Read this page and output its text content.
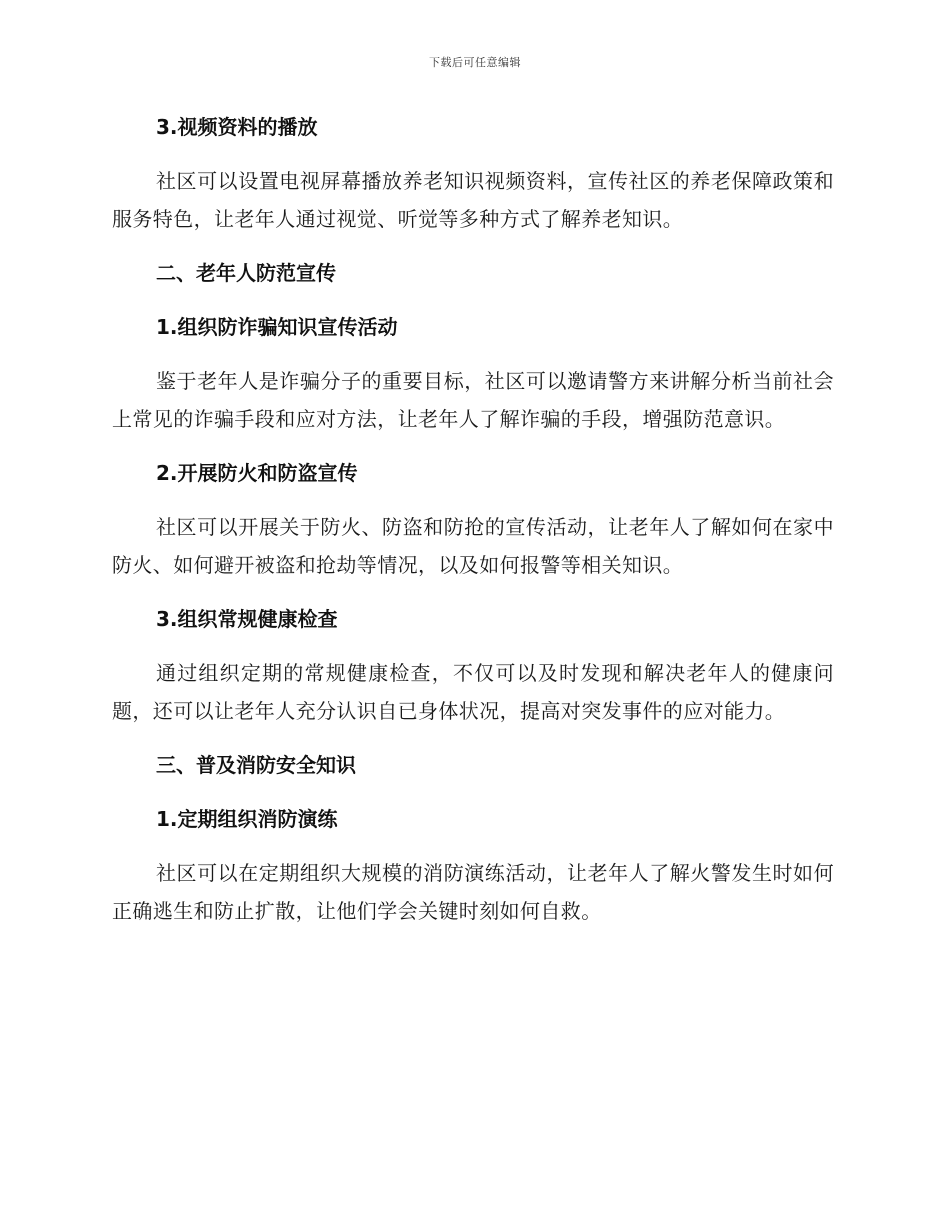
下载后可任意编辑
3.视频资料的播放
社区可以设置电视屏幕播放养老知识视频资料，宣传社区的养老保障政策和服务特色，让老年人通过视觉、听觉等多种方式了解养老知识。
二、老年人防范宣传
1.组织防诈骗知识宣传活动
鉴于老年人是诈骗分子的重要目标，社区可以邀请警方来讲解分析当前社会上常见的诈骗手段和应对方法，让老年人了解诈骗的手段，增强防范意识。
2.开展防火和防盗宣传
社区可以开展关于防火、防盗和防抢的宣传活动，让老年人了解如何在家中防火、如何避开被盗和抢劫等情况，以及如何报警等相关知识。
3.组织常规健康检查
通过组织定期的常规健康检查，不仅可以及时发现和解决老年人的健康问题，还可以让老年人充分认识自已身体状况，提高对突发事件的应对能力。
三、普及消防安全知识
1.定期组织消防演练
社区可以在定期组织大规模的消防演练活动，让老年人了解火警发生时如何正确逃生和防止扩散，让他们学会关键时刻如何自救。
